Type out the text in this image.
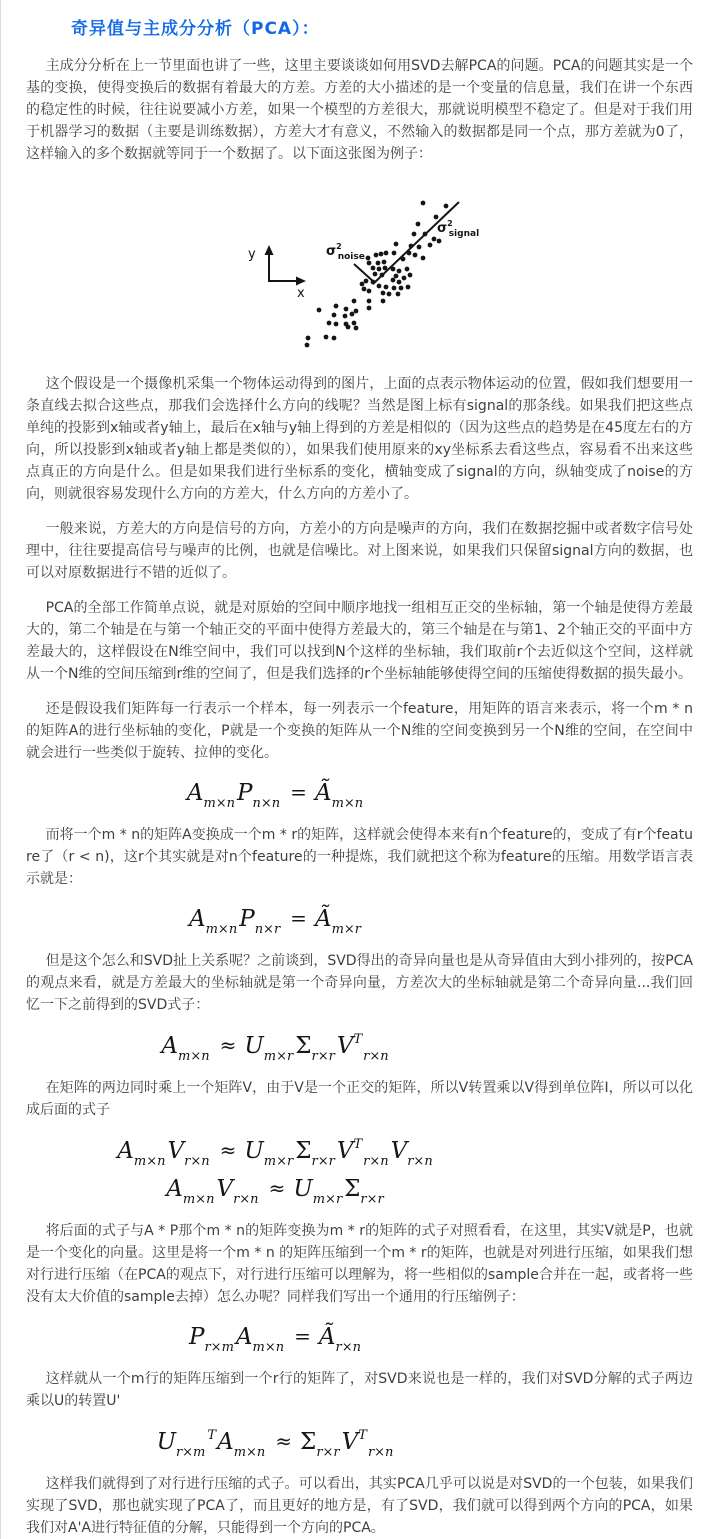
奇异值与主成分分析（PCA）：

主成分分析在上一节里面也讲了一些，这里主要谈谈如何用SVD去解PCA的问题。PCA的问题其实是一个基的变换，使得变换后的数据有着最大的方差。方差的大小描述的是一个变量的信息量，我们在讲一个东西的稳定性的时候，往往说要减小方差，如果一个模型的方差很大，那就说明模型不稳定了。但是对于我们用于机器学习的数据（主要是训练数据），方差大才有意义，不然输入的数据都是同一个点，那方差就为0了，这样输入的多个数据就等同于一个数据了。以下面这张图为例子：

y
x
$\sigma^2$ noise
$\sigma^2$ signal

这个假设是一个摄像机采集一个物体运动得到的图片，上面的点表示物体运动的位置，假如我们想要用一条直线去拟合这些点，那我们会选择什么方向的线呢？当然是图上标有signal的那条线。如果我们把这些点单纯的投影到x轴或者y轴上，最后在x轴与y轴上得到的方差是相似的（因为这些点的趋势是在45度左右的方向，所以投影到x轴或者y轴上都是类似的），如果我们使用原来的xy坐标系去看这些点，容易看不出来这些点真正的方向是什么。但是如果我们进行坐标系的变化，横轴变成了signal的方向，纵轴变成了noise的方向，则就很容易发现什么方向的方差大，什么方向的方差小了。

一般来说，方差大的方向是信号的方向，方差小的方向是噪声的方向，我们在数据挖掘中或者数字信号处理中，往往要提高信号与噪声的比例，也就是信噪比。对上图来说，如果我们只保留signal方向的数据，也可以对原数据进行不错的近似了。

PCA的全部工作简单点说，就是对原始的空间中顺序地找一组相互正交的坐标轴，第一个轴是使得方差最大的，第二个轴是在与第一个轴正交的平面中使得方差最大的，第三个轴是在与第1、2个轴正交的平面中方差最大的，这样假设在N维空间中，我们可以找到N个这样的坐标轴，我们取前r个去近似这个空间，这样就从一个N维的空间压缩到r维的空间了，但是我们选择的r个坐标轴能够使得空间的压缩使得数据的损失最小。

还是假设我们矩阵每一行表示一个样本，每一列表示一个feature，用矩阵的语言来表示，将一个m * n的矩阵A的进行坐标轴的变化，P就是一个变换的矩阵从一个N维的空间变换到另一个N维的空间，在空间中就会进行一些类似于旋转、拉伸的变化。

$A_{m\times n}P_{n\times n}$ = $Ã_{m\times n}$

而将一个m * n的矩阵A变换成一个m * r的矩阵，这样就会使得本来有n个feature的，变成了有r个feature了（r < n)，这r个其实就是对n个feature的一种提炼，我们就把这个称为feature的压缩。用数学语言表示就是：

$A_{m\times n}P_{n\times r}$ = $Ã_{m\times r}$

但是这个怎么和SVD扯上关系呢？之前谈到，SVD得出的奇异向量也是从奇异值由大到小排列的，按PCA的观点来看，就是方差最大的坐标轴就是第一个奇异向量，方差次大的坐标轴就是第二个奇异向量...我们回忆一下之前得到的SVD式子：

$A_{m\times n} \approx U_{m\times r}\Sigma_{r\times r}V^T_{r\times n}$

在矩阵的两边同时乘上一个矩阵V，由于V是一个正交的矩阵，所以V转置乘以V得到单位阵I，所以可以化成后面的式子

$A_{m\times n}V_{r\times n} \approx U_{m\times r}\Sigma_{r\times r}V^T_{r\times n}V_{r\times n}$
$A_{m\times n}V_{r\times n} \approx U_{m\times r}\Sigma_{r\times r}$

将后面的式子与A * P那个m * n的矩阵变换为m * r的矩阵的式子对照看看，在这里，其实V就是P，也就是一个变化的向量。这里是将一个m * n 的矩阵压缩到一个m * r的矩阵，也就是对列进行压缩，如果我们想对行进行压缩（在PCA的观点下，对行进行压缩可以理解为，将一些相似的sample合并在一起，或者将一些没有太大价值的sample去掉）怎么办呢？同样我们写出一个通用的行压缩例子：

$P_{r\times m}A_{m\times n}$ = $Ã_{r\times n}$

这样就从一个m行的矩阵压缩到一个r行的矩阵了，对SVD来说也是一样的，我们对SVD分解的式子两边乘以U的转置U'

$U_{r\times m}^TA_{m\times n} \approx \Sigma_{r\times r}V^T_{r\times n}$

这样我们就得到了对行进行压缩的式子。可以看出，其实PCA几乎可以说是对SVD的一个包装，如果我们实现了SVD，那也就实现了PCA了，而且更好的地方是，有了SVD，我们就可以得到两个方向的PCA，如果我们对A'A进行特征值的分解，只能得到一个方向的PCA。
